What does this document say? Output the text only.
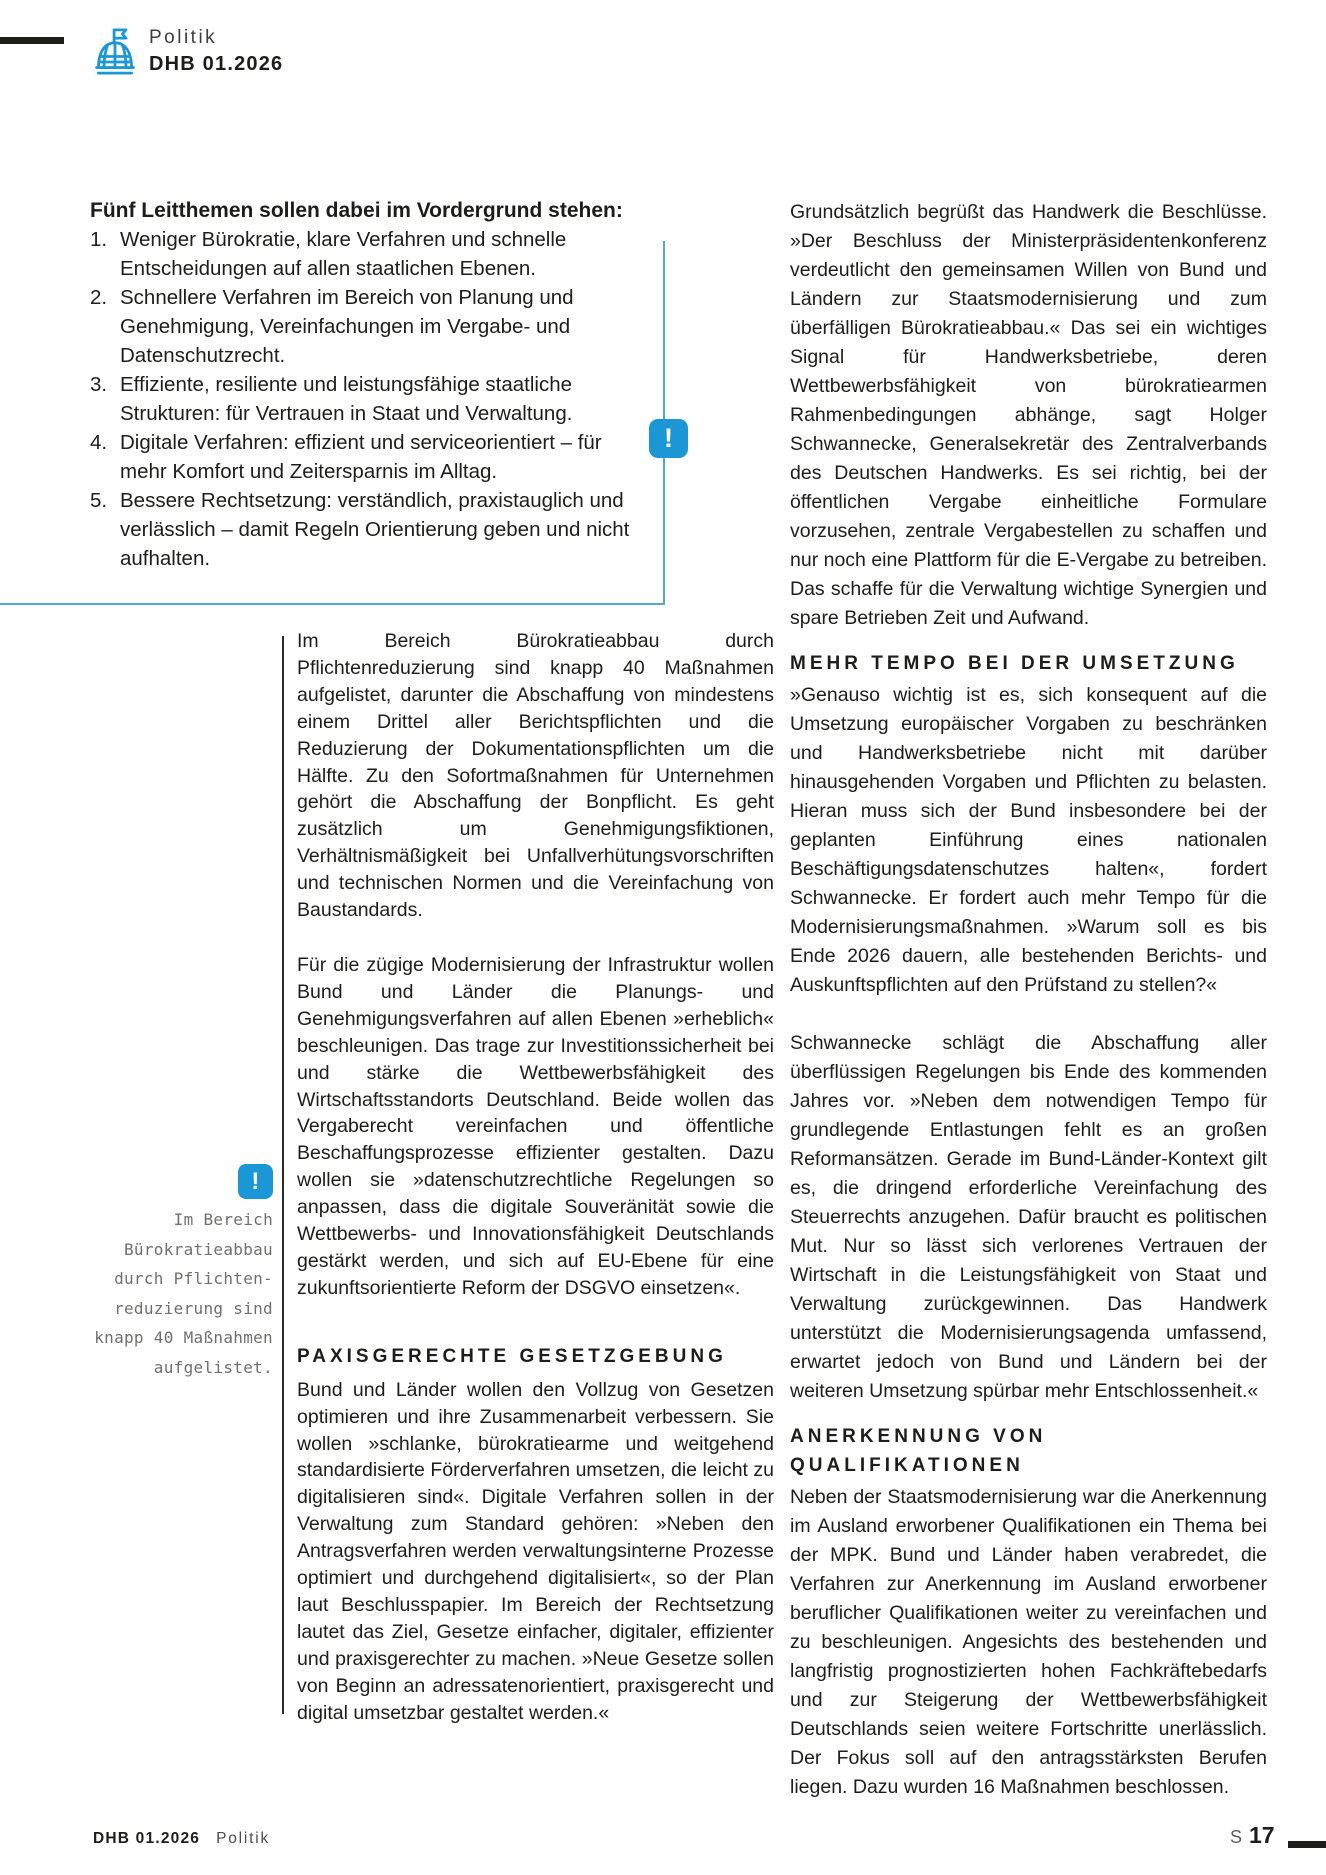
Politik
DHB 01.2026
Fünf Leitthemen sollen dabei im Vordergrund stehen:
1. Weniger Bürokratie, klare Verfahren und schnelle Entscheidungen auf allen staatlichen Ebenen.
2. Schnellere Verfahren im Bereich von Planung und Genehmigung, Vereinfachungen im Vergabe- und Datenschutzrecht.
3. Effiziente, resiliente und leistungsfähige staatliche Strukturen: für Vertrauen in Staat und Verwaltung.
4. Digitale Verfahren: effizient und serviceorientiert – für mehr Komfort und Zeitersparnis im Alltag.
5. Bessere Rechtsetzung: verständlich, praxistauglich und verlässlich – damit Regeln Orientierung geben und nicht aufhalten.
!
!
Im Bereich
Bürokratieabbau
durch Pflichten-
reduzierung sind
knapp 40 Maßnahmen
aufgelistet.

Im Bereich Bürokratieabbau durch Pflichtenreduzierung sind knapp 40 Maßnahmen aufgelistet, darunter die Abschaffung von mindestens einem Drittel aller Berichtspflichten und die Reduzierung der Dokumentationspflichten um die Hälfte. Zu den Sofortmaßnahmen für Unternehmen gehört die Abschaffung der Bonpflicht. Es geht zusätzlich um Genehmigungsfiktionen, Verhältnismäßigkeit bei Unfallverhütungsvorschriften und technischen Normen und die Vereinfachung von Baustandards.

Für die zügige Modernisierung der Infrastruktur wollen Bund und Länder die Planungs- und Genehmigungsverfahren auf allen Ebenen »erheblich« beschleunigen. Das trage zur Investitionssicherheit bei und stärke die Wettbewerbsfähigkeit des Wirtschaftsstandorts Deutschland. Beide wollen das Vergaberecht vereinfachen und öffentliche Beschaffungsprozesse effizienter gestalten. Dazu wollen sie »datenschutzrechtliche Regelungen so anpassen, dass die digitale Souveränität sowie die Wettbewerbs- und Innovationsfähigkeit Deutschlands gestärkt werden, und sich auf EU-Ebene für eine zukunftsorientierte Reform der DSGVO einsetzen«.

PAXISGERECHTE GESETZGEBUNG

Bund und Länder wollen den Vollzug von Gesetzen optimieren und ihre Zusammenarbeit verbessern. Sie wollen »schlanke, bürokratiearme und weitgehend standardisierte Förderverfahren umsetzen, die leicht zu digitalisieren sind«. Digitale Verfahren sollen in der Verwaltung zum Standard gehören: »Neben den Antragsverfahren werden verwaltungsinterne Prozesse optimiert und durchgehend digitalisiert«, so der Plan laut Beschlusspapier. Im Bereich der Rechtsetzung lautet das Ziel, Gesetze einfacher, digitaler, effizienter und praxisgerechter zu machen. »Neue Gesetze sollen von Beginn an adressatenorientiert, praxisgerecht und digital umsetzbar gestaltet werden.«

Grundsätzlich begrüßt das Handwerk die Beschlüsse. »Der Beschluss der Ministerpräsidentenkonferenz verdeutlicht den gemeinsamen Willen von Bund und Ländern zur Staatsmodernisierung und zum überfälligen Bürokratieabbau.« Das sei ein wichtiges Signal für Handwerksbetriebe, deren Wettbewerbsfähigkeit von bürokratiearmen Rahmenbedingungen abhänge, sagt Holger Schwannecke, Generalsekretär des Zentralverbands des Deutschen Handwerks. Es sei richtig, bei der öffentlichen Vergabe einheitliche Formulare vorzusehen, zentrale Vergabestellen zu schaffen und nur noch eine Plattform für die E-Vergabe zu betreiben. Das schaffe für die Verwaltung wichtige Synergien und spare Betrieben Zeit und Aufwand.

MEHR TEMPO BEI DER UMSETZUNG

»Genauso wichtig ist es, sich konsequent auf die Umsetzung europäischer Vorgaben zu beschränken und Handwerksbetriebe nicht mit darüber hinausgehenden Vorgaben und Pflichten zu belasten. Hieran muss sich der Bund insbesondere bei der geplanten Einführung eines nationalen Beschäftigungsdatenschutzes halten«, fordert Schwannecke. Er fordert auch mehr Tempo für die Modernisierungsmaßnahmen. »Warum soll es bis Ende 2026 dauern, alle bestehenden Berichts- und Auskunftspflichten auf den Prüfstand zu stellen?«

Schwannecke schlägt die Abschaffung aller überflüssigen Regelungen bis Ende des kommenden Jahres vor. »Neben dem notwendigen Tempo für grundlegende Entlastungen fehlt es an großen Reformansätzen. Gerade im Bund-Länder-Kontext gilt es, die dringend erforderliche Vereinfachung des Steuerrechts anzugehen. Dafür braucht es politischen Mut. Nur so lässt sich verlorenes Vertrauen der Wirtschaft in die Leistungsfähigkeit von Staat und Verwaltung zurückgewinnen. Das Handwerk unterstützt die Modernisierungsagenda umfassend, erwartet jedoch von Bund und Ländern bei der weiteren Umsetzung spürbar mehr Entschlossenheit.«

ANERKENNUNG VON QUALIFIKATIONEN

Neben der Staatsmodernisierung war die Anerkennung im Ausland erworbener Qualifikationen ein Thema bei der MPK. Bund und Länder haben verabredet, die Verfahren zur Anerkennung im Ausland erworbener beruflicher Qualifikationen weiter zu vereinfachen und zu beschleunigen. Angesichts des bestehenden und langfristig prognostizierten hohen Fachkräftebedarfs und zur Steigerung der Wettbewerbsfähigkeit Deutschlands seien weitere Fortschritte unerlässlich. Der Fokus soll auf den antragsstärksten Berufen liegen. Dazu wurden 16 Maßnahmen beschlossen.

DHB 01.2026 Politik	S 17
